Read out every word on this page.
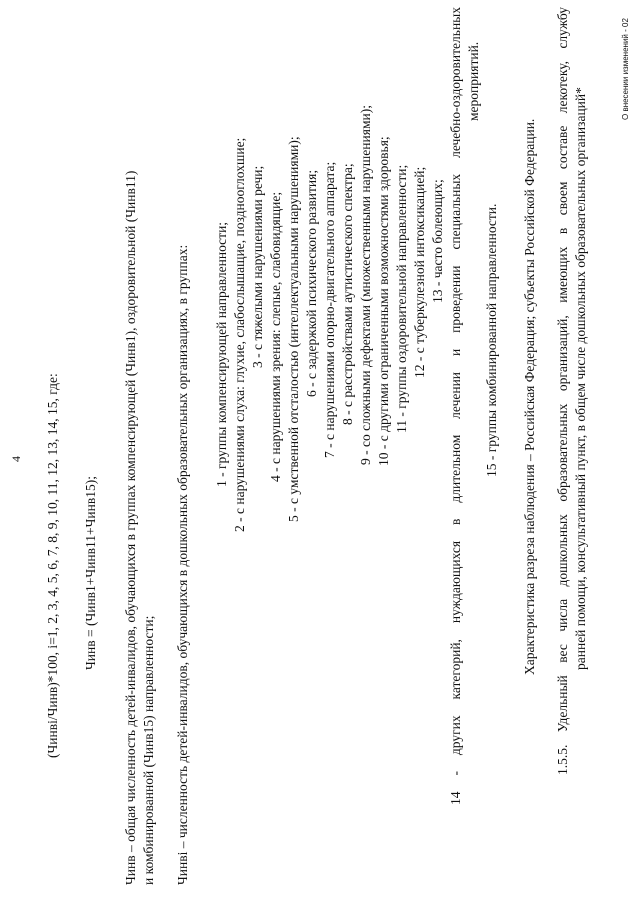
4 (Чинвi/Чинв)*100, i=1, 2, 3, 4, 5, 6, 7, 8, 9, 10, 11, 12, 13, 14, 15, где: Чинв = (Чинв1+Чинв11+Чинв15); Чинв – общая численность детей-инвалидов, обучающихся в группах компенсирующей (Чинв1), оздоровительной (Чинв11) и комбинированной (Чинв15) направленности; Чинвi – численность детей-инвалидов, обучающихся в дошкольных образовательных организациях, в группах: 1 - группы компенсирующей направленности; 2 - с нарушениями слуха: глухие, слабослышащие, позднооглохшие; 3 - с тяжелыми нарушениями речи; 4 - с нарушениями зрения: слепые, слабовидящие; 5 - с умственной отсталостью (интеллектуальными нарушениями); 6 - с задержкой психического развития; 7 - с нарушениями опорно-двигательного аппарата; 8 - с расстройствами аутистического спектра; 9 - со сложными дефектами (множественными нарушениями); 10 - с другими ограниченными возможностями здоровья; 11 - группы оздоровительной направленности; 12 - с туберкулезной интоксикацией; 13 - часто болеющих; 14 - других категорий, нуждающихся в длительном лечении и проведении специальных лечебно-оздоровительных мероприятий.
15 - группы комбинированной направленности. Характеристика разреза наблюдения – Российская Федерация; субъекты Российской Федерации. 1.5.5. Удельный вес числа дошкольных образовательных организаций, имеющих в своем составе лекотеку, службу ранней помощи, консультативный пункт, в общем числе дошкольных образовательных организаций*
О внесении изменений - 02
